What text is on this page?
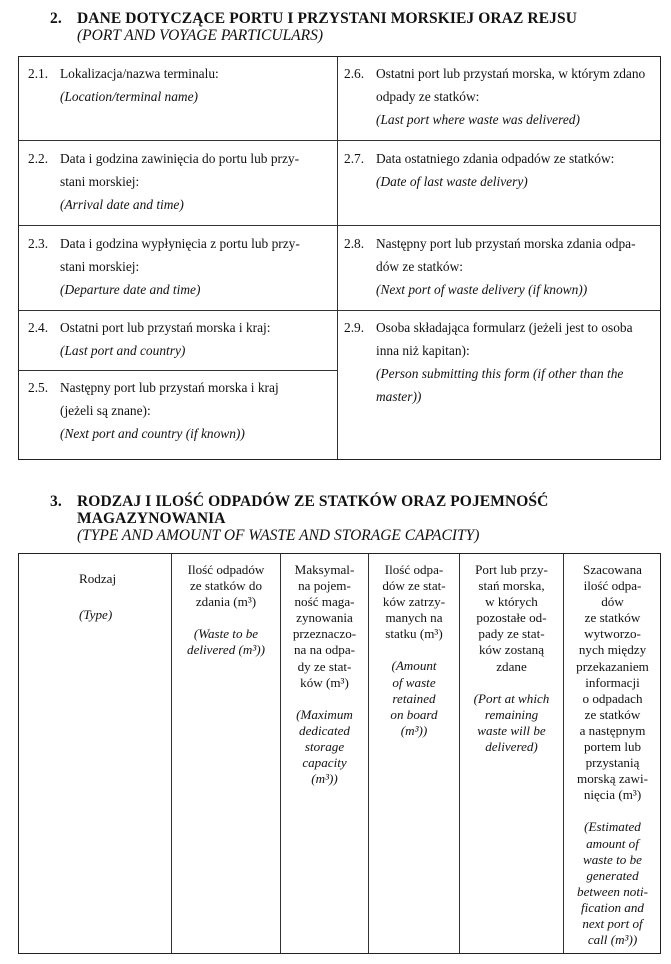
2. DANE DOTYCZĄCE PORTU I PRZYSTANI MORSKIEJ ORAZ REJSU
(PORT AND VOYAGE PARTICULARS)
2.1. Lokalizacja/nazwa terminalu:
(Location/terminal name)
2.2. Data i godzina zawinięcia do portu lub przy-
stani morskiej:
(Arrival date and time)
2.3. Data i godzina wypłynięcia z portu lub przy-
stani morskiej:
(Departure date and time)
2.4. Ostatni port lub przystań morska i kraj:
(Last port and country)
2.5. Następny port lub przystań morska i kraj
(jeżeli są znane):
(Next port and country (if known))
2.6. Ostatni port lub przystań morska, w którym zdano
odpady ze statków:
(Last port where waste was delivered)
2.7. Data ostatniego zdania odpadów ze statków:
(Date of last waste delivery)
2.8. Następny port lub przystań morska zdania odpa-
dów ze statków:
(Next port of waste delivery (if known))
2.9. Osoba składająca formularz (jeżeli jest to osoba
inna niż kapitan):
(Person submitting this form (if other than the
master))
3. RODZAJ I ILOŚĆ ODPADÓW ZE STATKÓW ORAZ POJEMNOŚĆ
MAGAZYNOWANIA
(TYPE AND AMOUNT OF WASTE AND STORAGE CAPACITY)
Rodzaj
(Type)
Ilość odpadów
ze statków do
zdania (m³)
(Waste to be
delivered (m³))
Maksymal-
na pojem-
ność maga-
zynowania
przeznaczo-
na na odpa-
dy ze stat-
ków (m³)
(Maximum
dedicated
storage
capacity
(m³))
Ilość odpa-
dów ze stat-
ków zatrzy-
manych na
statku (m³)
(Amount
of waste
retained
on board
(m³))
Port lub przy-
stań morska,
w których
pozostałe od-
pady ze stat-
ków zostaną
zdane
(Port at which
remaining
waste will be
delivered)
Szacowana
ilość odpa-
dów
ze statków
wytworzo-
nych między
przekazaniem
informacji
o odpadach
ze statków
a następnym
portem lub
przystanią
morską zawi-
nięcia (m³)
(Estimated
amount of
waste to be
generated
between noti-
fication and
next port of
call (m³))
